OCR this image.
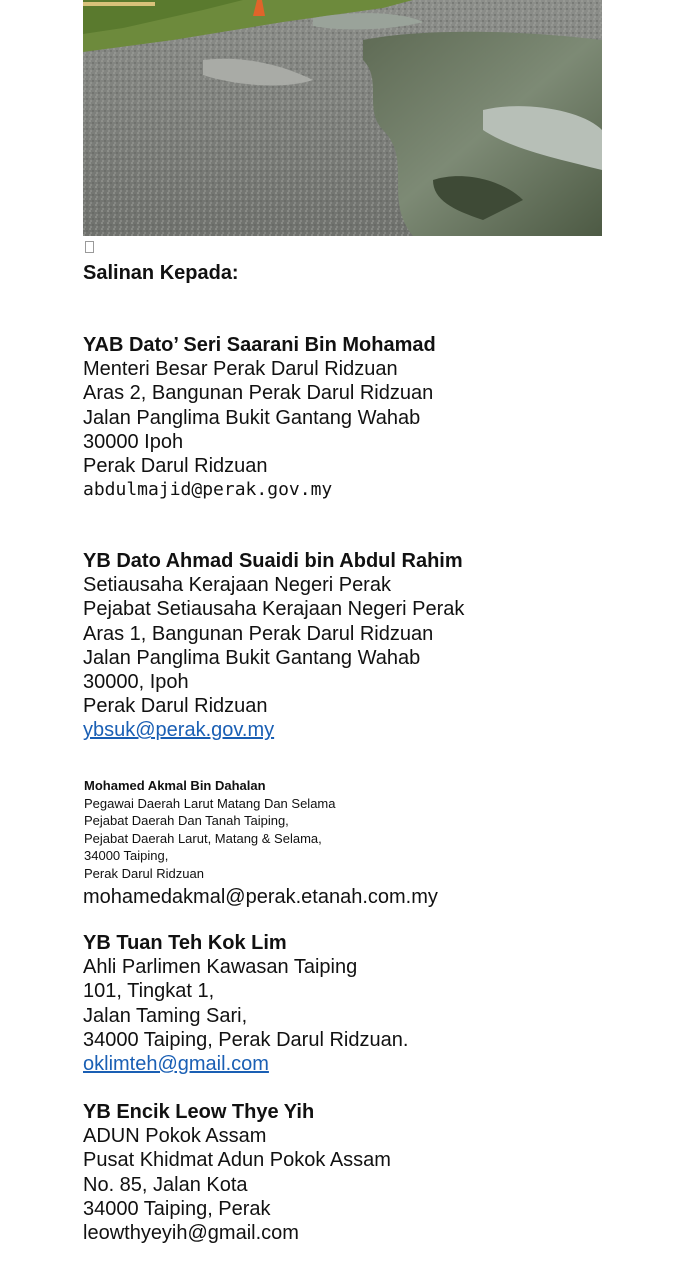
Salinan Kepada:
YAB Dato’ Seri Saarani Bin Mohamad
Menteri Besar Perak Darul Ridzuan
Aras 2, Bangunan Perak Darul Ridzuan
Jalan Panglima Bukit Gantang Wahab
30000 Ipoh
Perak Darul Ridzuan
abdulmajid@perak.gov.my
YB Dato Ahmad Suaidi bin Abdul Rahim
Setiausaha Kerajaan Negeri Perak
Pejabat Setiausaha Kerajaan Negeri Perak
Aras 1, Bangunan Perak Darul Ridzuan
Jalan Panglima Bukit Gantang Wahab
30000, Ipoh
Perak Darul Ridzuan
ybsuk@perak.gov.my
Mohamed Akmal Bin Dahalan
Pegawai Daerah Larut Matang Dan Selama
Pejabat Daerah Dan Tanah Taiping,
Pejabat Daerah Larut, Matang & Selama,
34000 Taiping,
Perak Darul Ridzuan
mohamedakmal@perak.etanah.com.my
YB Tuan Teh Kok Lim
Ahli Parlimen Kawasan Taiping
101, Tingkat 1,
Jalan Taming Sari,
34000 Taiping, Perak Darul Ridzuan.
oklimteh@gmail.com
YB Encik Leow Thye Yih
ADUN Pokok Assam
Pusat Khidmat Adun Pokok Assam
No. 85, Jalan Kota
34000 Taiping, Perak
leowthyeyih@gmail.com
